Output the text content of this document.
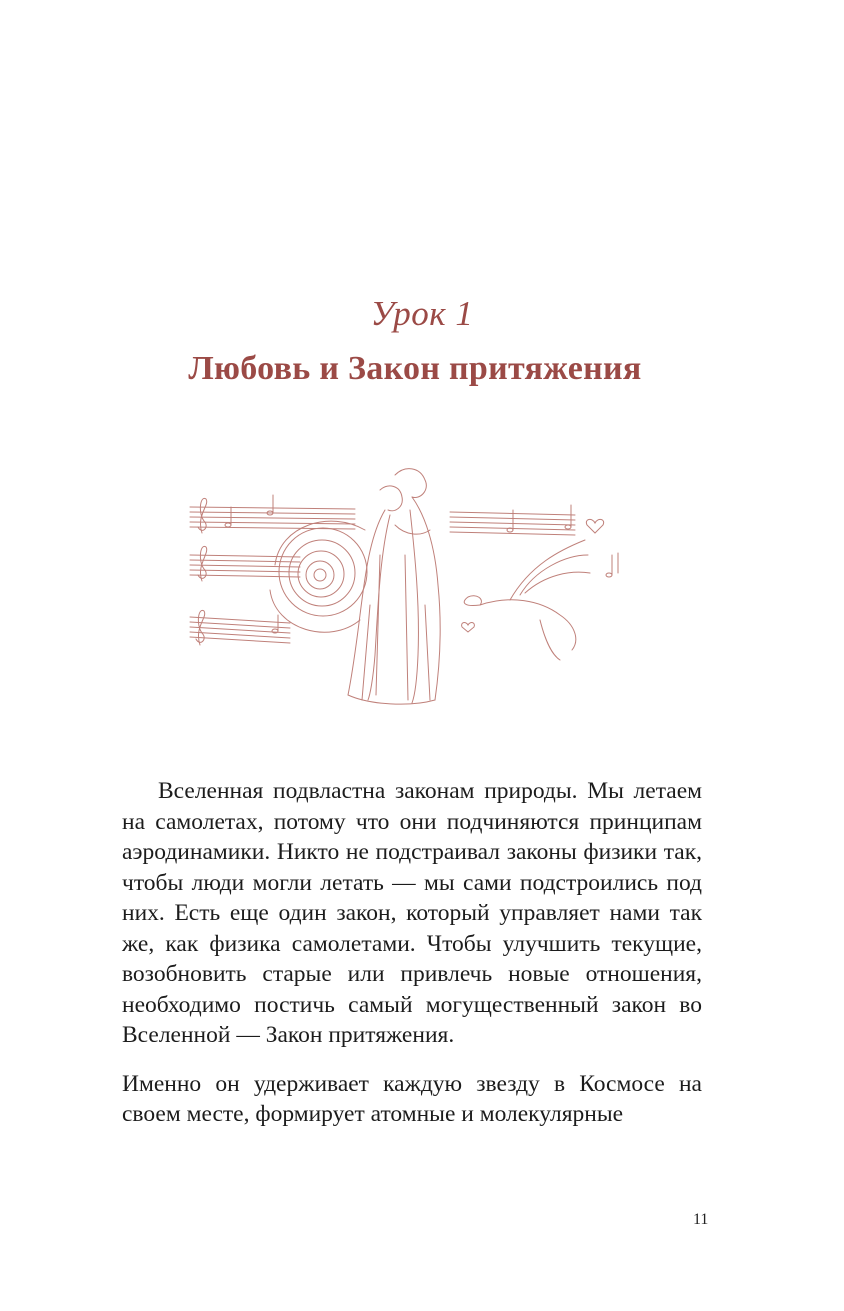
Урок 1
Любовь и Закон притяжения

Вселенная подвластна законам природы. Мы летаем на самолетах, потому что они подчиняются принципам аэродинамики. Никто не подстраивал законы физики так, чтобы люди могли летать — мы сами подстроились под них. Есть еще один закон, который управляет нами так же, как физика самолетами. Чтобы улучшить текущие, возобновить старые или привлечь новые отношения, необходимо постичь самый могущественный закон во Вселенной — Закон притяжения.

Именно он удерживает каждую звезду в Космосе на своем месте, формирует атомные и молекулярные

11
